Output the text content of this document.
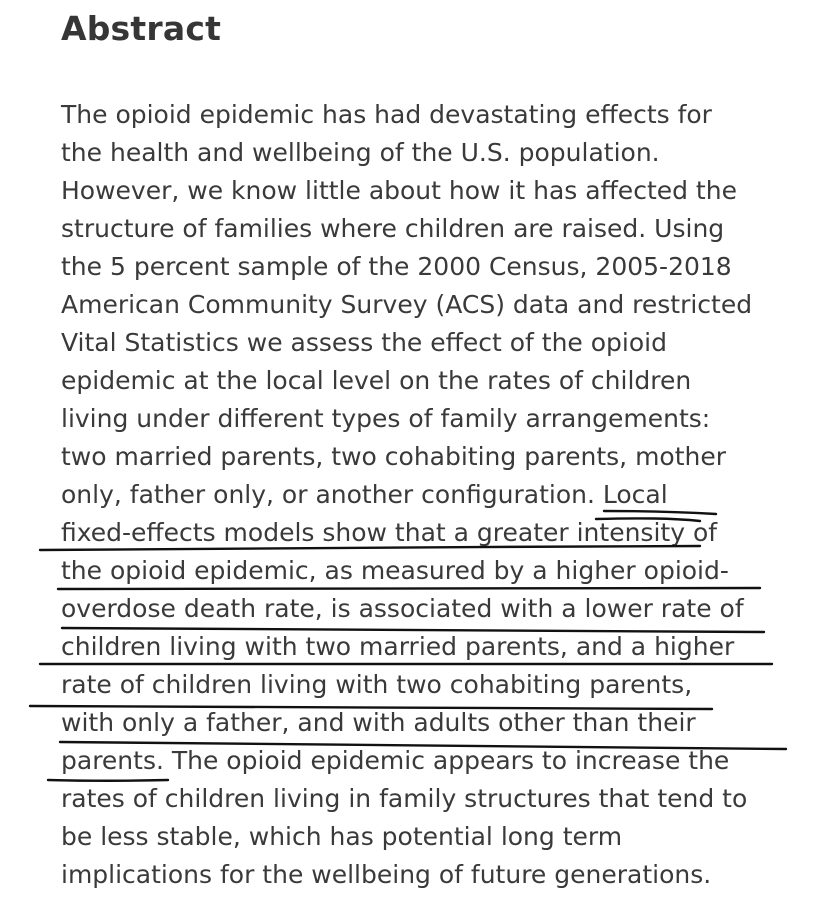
Abstract

The opioid epidemic has had devastating effects for

the health and wellbeing of the U.S. population.

However, we know little about how it has affected the

structure of families where children are raised. Using

the 5 percent sample of the 2000 Census, 2005-2018

American Community Survey (ACS) data and restricted

Vital Statistics we assess the effect of the opioid

epidemic at the local level on the rates of children

living under different types of family arrangements:

two married parents, two cohabiting parents, mother

only, father only, or another configuration. Local

fixed-effects models show that a greater intensity of

the opioid epidemic, as measured by a higher opioid-

overdose death rate, is associated with a lower rate of

children living with two married parents, and a higher

rate of children living with two cohabiting parents,

with only a father, and with adults other than their

parents. The opioid epidemic appears to increase the

rates of children living in family structures that tend to

be less stable, which has potential long term

implications for the wellbeing of future generations.
